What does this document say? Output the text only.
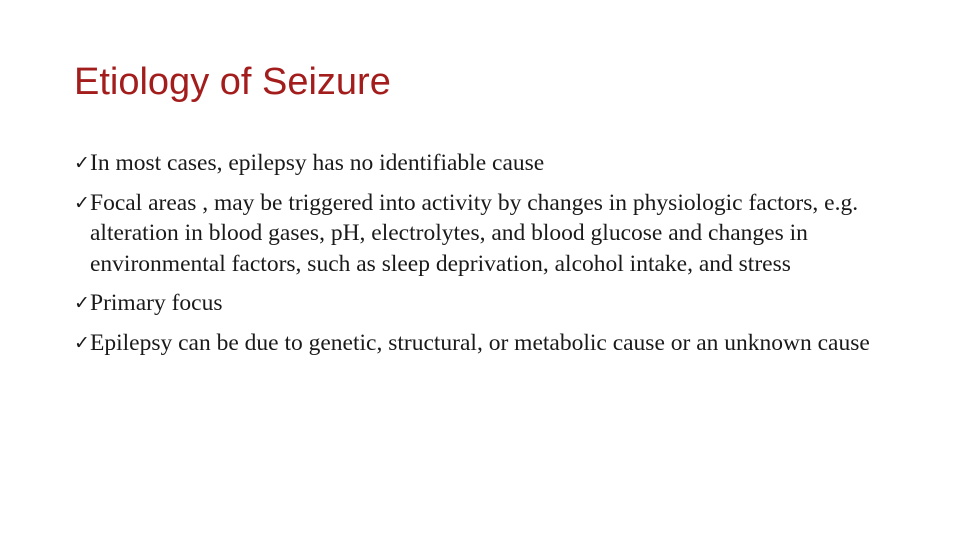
Etiology of Seizure
✓ In most cases, epilepsy has no identifiable cause
✓ Focal areas , may be triggered into activity by changes in physiologic factors, e.g. alteration in blood gases, pH, electrolytes, and blood glucose and changes in environmental factors, such as sleep deprivation, alcohol intake, and stress
✓ Primary focus
✓ Epilepsy can be due to genetic, structural, or metabolic cause or an unknown cause
